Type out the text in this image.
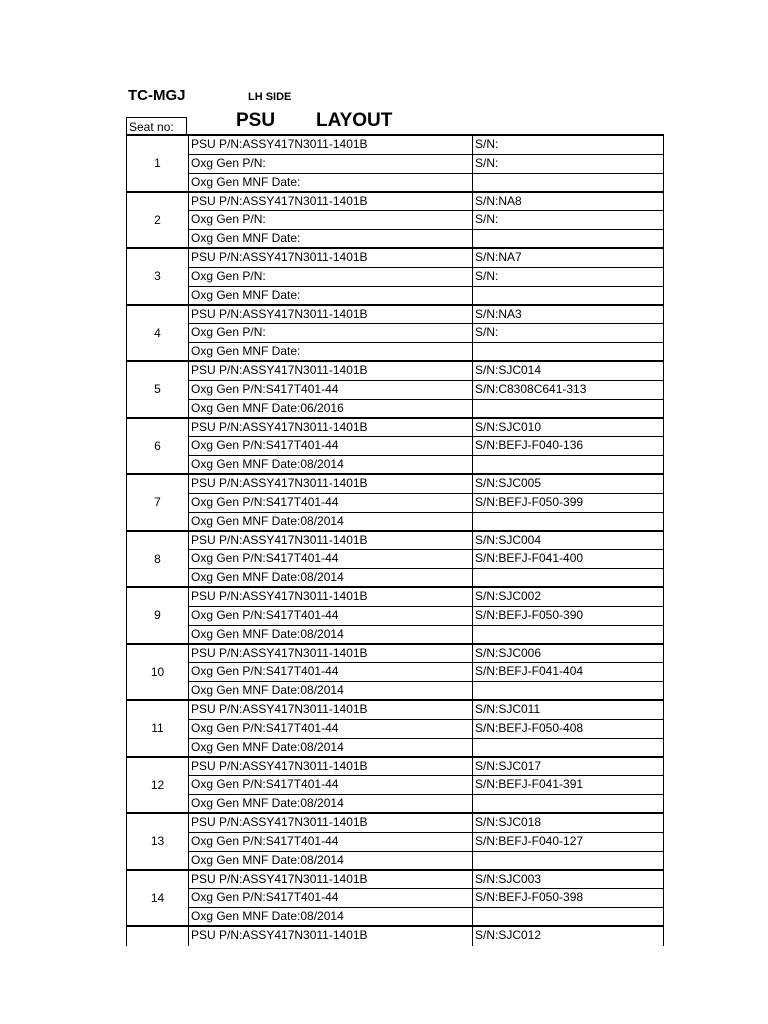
TC-MGJ	LH SIDE
Seat no:	PSU LAYOUT
1
PSU P/N:ASSY417N3011-1401B	S/N:
Oxg Gen P/N:	S/N:
Oxg Gen MNF Date:
2
PSU P/N:ASSY417N3011-1401B	S/N:NA8
Oxg Gen P/N:	S/N:
Oxg Gen MNF Date:
3
PSU P/N:ASSY417N3011-1401B	S/N:NA7
Oxg Gen P/N:	S/N:
Oxg Gen MNF Date:
4
PSU P/N:ASSY417N3011-1401B	S/N:NA3
Oxg Gen P/N:	S/N:
Oxg Gen MNF Date:
5
PSU P/N:ASSY417N3011-1401B	S/N:SJC014
Oxg Gen P/N:S417T401-44	S/N:C8308C641-313
Oxg Gen MNF Date:06/2016
6
PSU P/N:ASSY417N3011-1401B	S/N:SJC010
Oxg Gen P/N:S417T401-44	S/N:BEFJ-F040-136
Oxg Gen MNF Date:08/2014
7
PSU P/N:ASSY417N3011-1401B	S/N:SJC005
Oxg Gen P/N:S417T401-44	S/N:BEFJ-F050-399
Oxg Gen MNF Date:08/2014
8
PSU P/N:ASSY417N3011-1401B	S/N:SJC004
Oxg Gen P/N:S417T401-44	S/N:BEFJ-F041-400
Oxg Gen MNF Date:08/2014
9
PSU P/N:ASSY417N3011-1401B	S/N:SJC002
Oxg Gen P/N:S417T401-44	S/N:BEFJ-F050-390
Oxg Gen MNF Date:08/2014
10
PSU P/N:ASSY417N3011-1401B	S/N:SJC006
Oxg Gen P/N:S417T401-44	S/N:BEFJ-F041-404
Oxg Gen MNF Date:08/2014
11
PSU P/N:ASSY417N3011-1401B	S/N:SJC011
Oxg Gen P/N:S417T401-44	S/N:BEFJ-F050-408
Oxg Gen MNF Date:08/2014
12
PSU P/N:ASSY417N3011-1401B	S/N:SJC017
Oxg Gen P/N:S417T401-44	S/N:BEFJ-F041-391
Oxg Gen MNF Date:08/2014
13
PSU P/N:ASSY417N3011-1401B	S/N:SJC018
Oxg Gen P/N:S417T401-44	S/N:BEFJ-F040-127
Oxg Gen MNF Date:08/2014
14
PSU P/N:ASSY417N3011-1401B	S/N:SJC003
Oxg Gen P/N:S417T401-44	S/N:BEFJ-F050-398
Oxg Gen MNF Date:08/2014
PSU P/N:ASSY417N3011-1401B	S/N:SJC012
